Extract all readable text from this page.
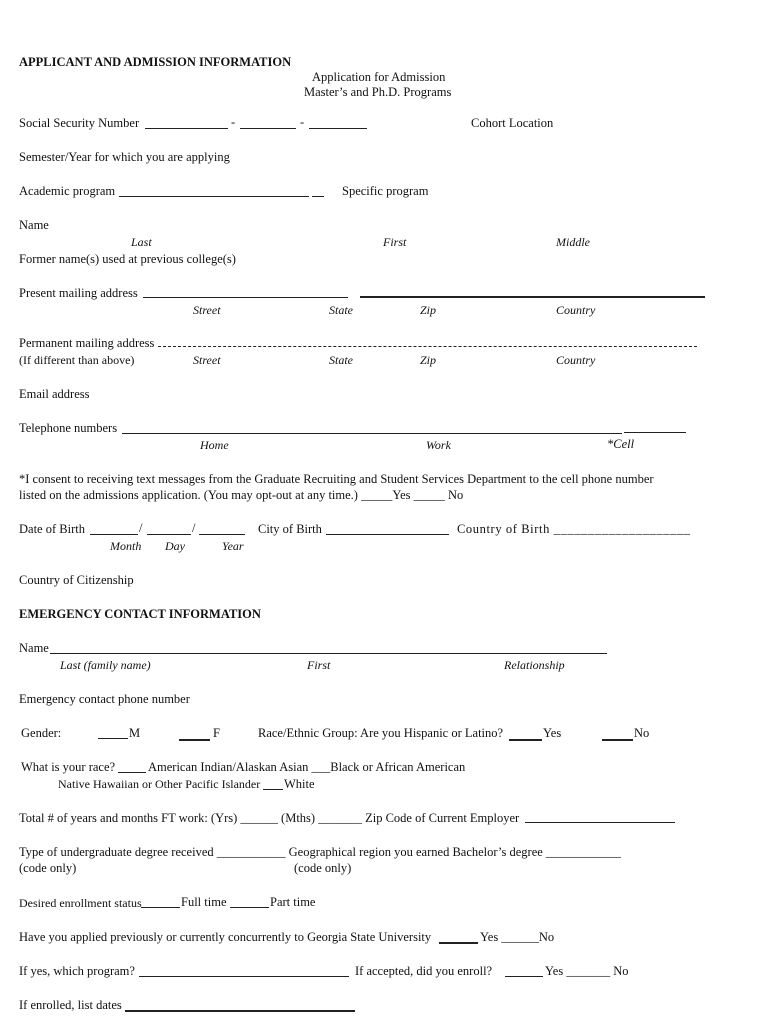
APPLICANT AND ADMISSION INFORMATION
Application for Admission
Master’s and Ph.D. Programs
Social Security Number	-	-	Cohort Location
Semester/Year for which you are applying
Academic program	Specific program
Name
Last	First	Middle
Former name(s) used at previous college(s)
Present mailing address
Street	State	Zip	Country
Permanent mailing address
(If different than above)	Street	State	Zip	Country
Email address
Telephone numbers
Home	Work	*Cell
*I consent to receiving text messages from the Graduate Recruiting and Student Services Department to the cell phone number
listed on the admissions application. (You may opt-out at any time.) _____Yes _____ No
Date of Birth	/	/	City of Birth	Country of Birth ____________________
Month Day	Year
Country of Citizenship
EMERGENCY CONTACT INFORMATION
Name
Last (family name)	First	Relationship
Emergency contact phone number
Gender:	M	F	Race/Ethnic Group: Are you Hispanic or Latino?	Yes	No
What is your race?	American Indian/Alaskan Asian ___Black or African American
Native Hawaiian or Other Pacific Islander White
Total # of years and months FT work: (Yrs) ______ (Mths) _______ Zip Code of Current Employer
Type of undergraduate degree received ___________ Geographical region you earned Bachelor’s degree ____________
(code only)	(code only)
Desired enrollment status	Full time	Part time
Have you applied previously or currently concurrently to Georgia State University	Yes ______No
If yes, which program?	If accepted, did you enroll?	Yes _______ No
If enrolled, list dates
